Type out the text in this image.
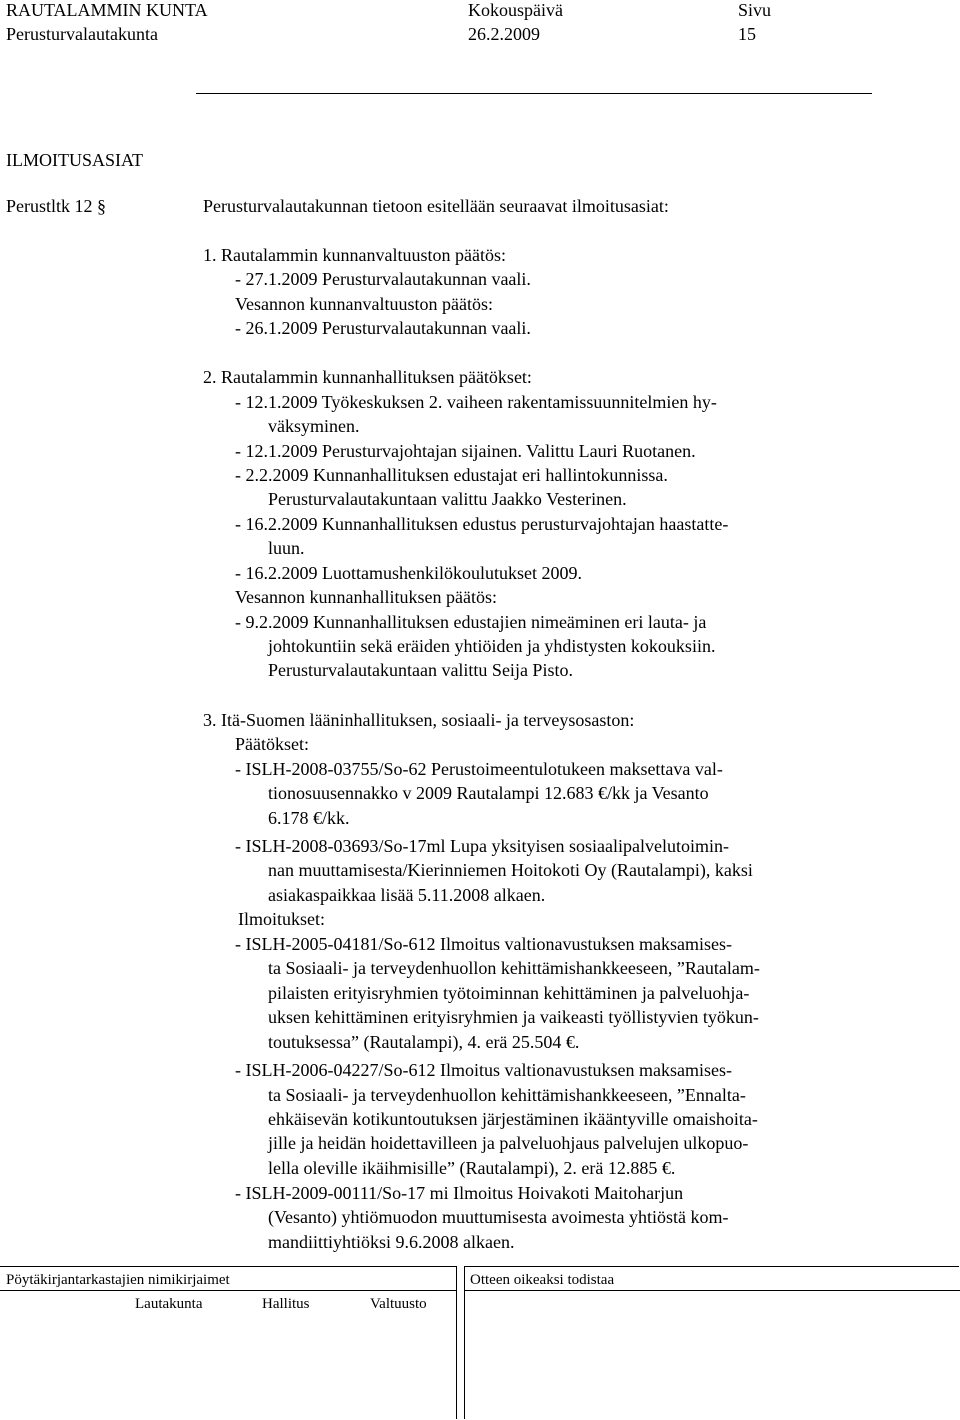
RAUTALAMMIN KUNTA
Perusturvalautakunta
Kokouspäivä
26.2.2009
Sivu
15
ILMOITUSASIAT
Perustltk 12 §	Perusturvalautakunnan tietoon esitellään seuraavat ilmoitusasiat:
1. Rautalammin kunnanvaltuuston päätös:
- 27.1.2009 Perusturvalautakunnan vaali.
Vesannon kunnanvaltuuston päätös:
- 26.1.2009 Perusturvalautakunnan vaali.
2. Rautalammin kunnanhallituksen päätökset:
- 12.1.2009 Työkeskuksen 2. vaiheen rakentamissuunnitelmien hy-
väksyminen.
- 12.1.2009 Perusturvajohtajan sijainen. Valittu Lauri Ruotanen.
- 2.2.2009 Kunnanhallituksen edustajat eri hallintokunnissa.
Perusturvalautakuntaan valittu Jaakko Vesterinen.
- 16.2.2009 Kunnanhallituksen edustus perusturvajohtajan haastatte-
luun.
- 16.2.2009 Luottamushenkilökoulutukset 2009.
Vesannon kunnanhallituksen päätös:
- 9.2.2009 Kunnanhallituksen edustajien nimeäminen eri lauta- ja
johtokuntiin sekä eräiden yhtiöiden ja yhdistysten kokouksiin.
Perusturvalautakuntaan valittu Seija Pisto.
3. Itä-Suomen lääninhallituksen, sosiaali- ja terveysosaston:
Päätökset:
- ISLH-2008-03755/So-62 Perustoimeentulotukeen maksettava val-
tionosuusennakko v 2009 Rautalampi 12.683 €/kk ja Vesanto
6.178 €/kk.
- ISLH-2008-03693/So-17ml Lupa yksityisen sosiaalipalvelutoimin-
nan muuttamisesta/Kierinniemen Hoitokoti Oy (Rautalampi), kaksi
asiakaspaikkaa lisää 5.11.2008 alkaen.
Ilmoitukset:
- ISLH-2005-04181/So-612 Ilmoitus valtionavustuksen maksamises-
ta Sosiaali- ja terveydenhuollon kehittämishankkeeseen, ”Rautalam-
pilaisten erityisryhmien työtoiminnan kehittäminen ja palveluohja-
uksen kehittäminen erityisryhmien ja vaikeasti työllistyvien työkun-
toutuksessa” (Rautalampi), 4. erä 25.504 €.
- ISLH-2006-04227/So-612 Ilmoitus valtionavustuksen maksamises-
ta Sosiaali- ja terveydenhuollon kehittämishankkeeseen, ”Ennalta-
ehkäisevän kotikuntoutuksen järjestäminen ikääntyville omaishoita-
jille ja heidän hoidettavilleen ja palveluohjaus palvelujen ulkopuo-
lella oleville ikäihmisille” (Rautalampi), 2. erä 12.885 €.
- ISLH-2009-00111/So-17 mi Ilmoitus Hoivakoti Maitoharjun
(Vesanto) yhtiömuodon muuttumisesta avoimesta yhtiöstä kom-
mandiittiyhtiöksi 9.6.2008 alkaen.
Pöytäkirjantarkastajien nimikirjaimet
Lautakunta	Hallitus	Valtuusto
Otteen oikeaksi todistaa
